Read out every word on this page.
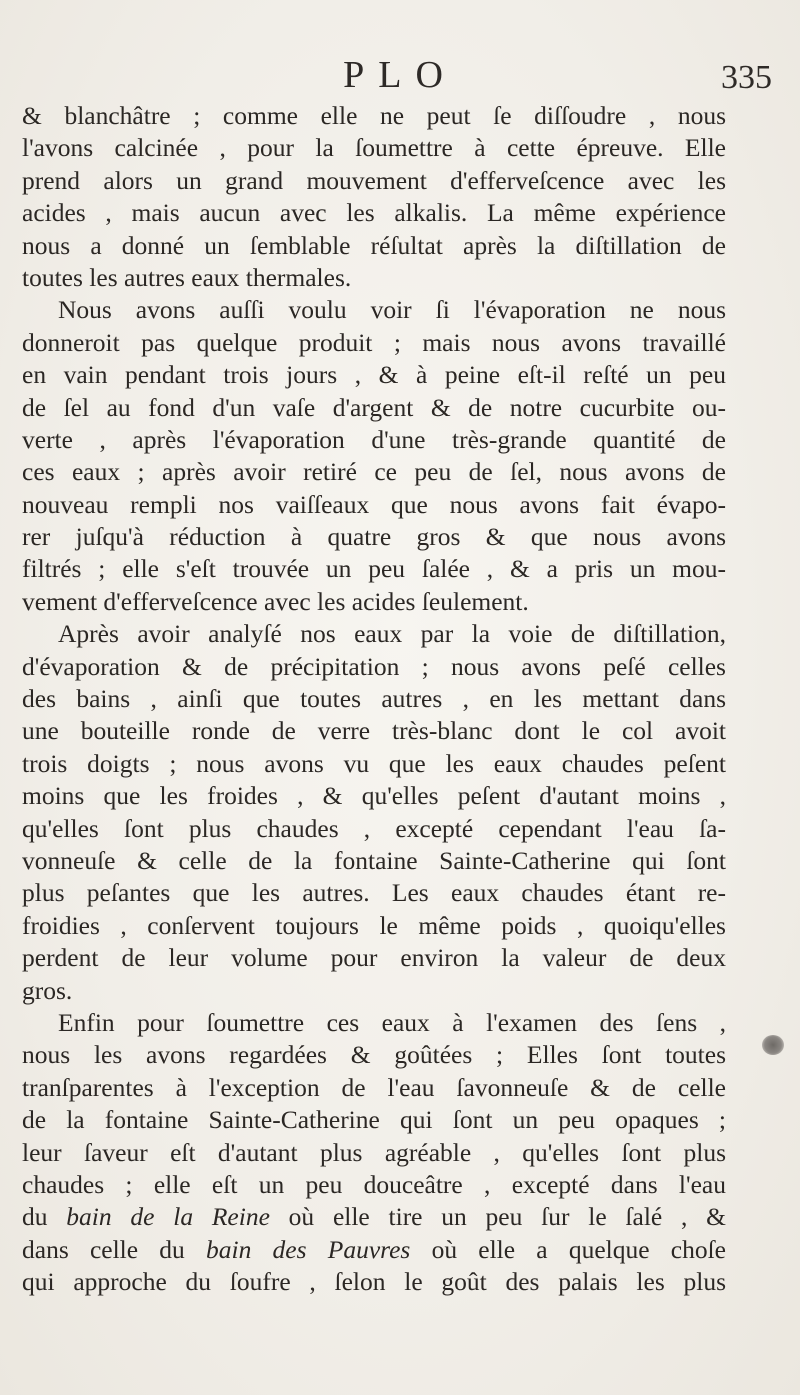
PLO	335
& blanchâtre ; comme elle ne peut ſe diſſoudre , nous
l'avons calcinée , pour la ſoumettre à cette épreuve. Elle
prend alors un grand mouvement d'efferveſcence avec les
acides , mais aucun avec les alkalis. La même expérience
nous a donné un ſemblable réſultat après la diſtillation de
toutes les autres eaux thermales.
Nous avons auſſi voulu voir ſi l'évaporation ne nous
donneroit pas quelque produit ; mais nous avons travaillé
en vain pendant trois jours , & à peine eſt-il reſté un peu
de ſel au fond d'un vaſe d'argent & de notre cucurbite ou-
verte , après l'évaporation d'une très-grande quantité de
ces eaux ; après avoir retiré ce peu de ſel, nous avons de
nouveau rempli nos vaiſſeaux que nous avons fait évapo-
rer juſqu'à réduction à quatre gros & que nous avons
filtrés ; elle s'eſt trouvée un peu ſalée , & a pris un mou-
vement d'efferveſcence avec les acides ſeulement.
Après avoir analyſé nos eaux par la voie de diſtillation,
d'évaporation & de précipitation ; nous avons peſé celles
des bains , ainſi que toutes autres , en les mettant dans
une bouteille ronde de verre très-blanc dont le col avoit
trois doigts ; nous avons vu que les eaux chaudes peſent
moins que les froides , & qu'elles peſent d'autant moins ,
qu'elles ſont plus chaudes , excepté cependant l'eau ſa-
vonneuſe & celle de la fontaine Sainte-Catherine qui ſont
plus peſantes que les autres. Les eaux chaudes étant re-
froidies , conſervent toujours le même poids , quoiqu'elles
perdent de leur volume pour environ la valeur de deux
gros.
Enfin pour ſoumettre ces eaux à l'examen des ſens ,
nous les avons regardées & goûtées ; Elles ſont toutes
tranſparentes à l'exception de l'eau ſavonneuſe & de celle
de la fontaine Sainte-Catherine qui ſont un peu opaques ;
leur ſaveur eſt d'autant plus agréable , qu'elles ſont plus
chaudes ; elle eſt un peu douceâtre , excepté dans l'eau
du bain de la Reine où elle tire un peu ſur le ſalé , &
dans celle du bain des Pauvres où elle a quelque choſe
qui approche du ſoufre , ſelon le goût des palais les plus
